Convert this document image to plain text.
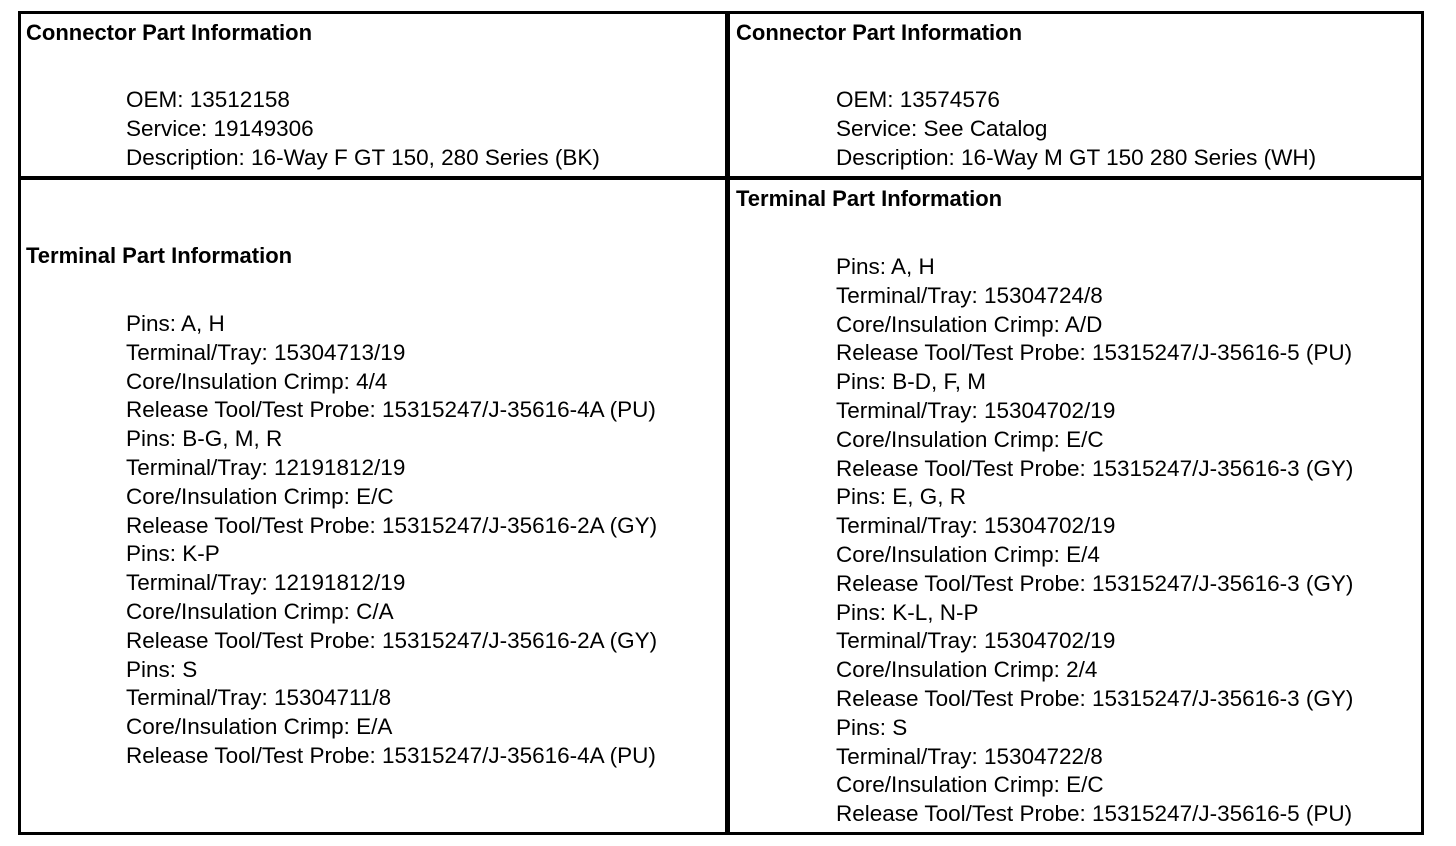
Connector Part Information
OEM: 13512158
Service: 19149306
Description: 16-Way F GT 150, 280 Series (BK)
Terminal Part Information
Pins: A, H
Terminal/Tray: 15304713/19
Core/Insulation Crimp: 4/4
Release Tool/Test Probe: 15315247/J-35616-4A (PU)
Pins: B-G, M, R
Terminal/Tray: 12191812/19
Core/Insulation Crimp: E/C
Release Tool/Test Probe: 15315247/J-35616-2A (GY)
Pins: K-P
Terminal/Tray: 12191812/19
Core/Insulation Crimp: C/A
Release Tool/Test Probe: 15315247/J-35616-2A (GY)
Pins: S
Terminal/Tray: 15304711/8
Core/Insulation Crimp: E/A
Release Tool/Test Probe: 15315247/J-35616-4A (PU)
Connector Part Information
OEM: 13574576
Service: See Catalog
Description: 16-Way M GT 150 280 Series (WH)
Terminal Part Information
Pins: A, H
Terminal/Tray: 15304724/8
Core/Insulation Crimp: A/D
Release Tool/Test Probe: 15315247/J-35616-5 (PU)
Pins: B-D, F, M
Terminal/Tray: 15304702/19
Core/Insulation Crimp: E/C
Release Tool/Test Probe: 15315247/J-35616-3 (GY)
Pins: E, G, R
Terminal/Tray: 15304702/19
Core/Insulation Crimp: E/4
Release Tool/Test Probe: 15315247/J-35616-3 (GY)
Pins: K-L, N-P
Terminal/Tray: 15304702/19
Core/Insulation Crimp: 2/4
Release Tool/Test Probe: 15315247/J-35616-3 (GY)
Pins: S
Terminal/Tray: 15304722/8
Core/Insulation Crimp: E/C
Release Tool/Test Probe: 15315247/J-35616-5 (PU)
